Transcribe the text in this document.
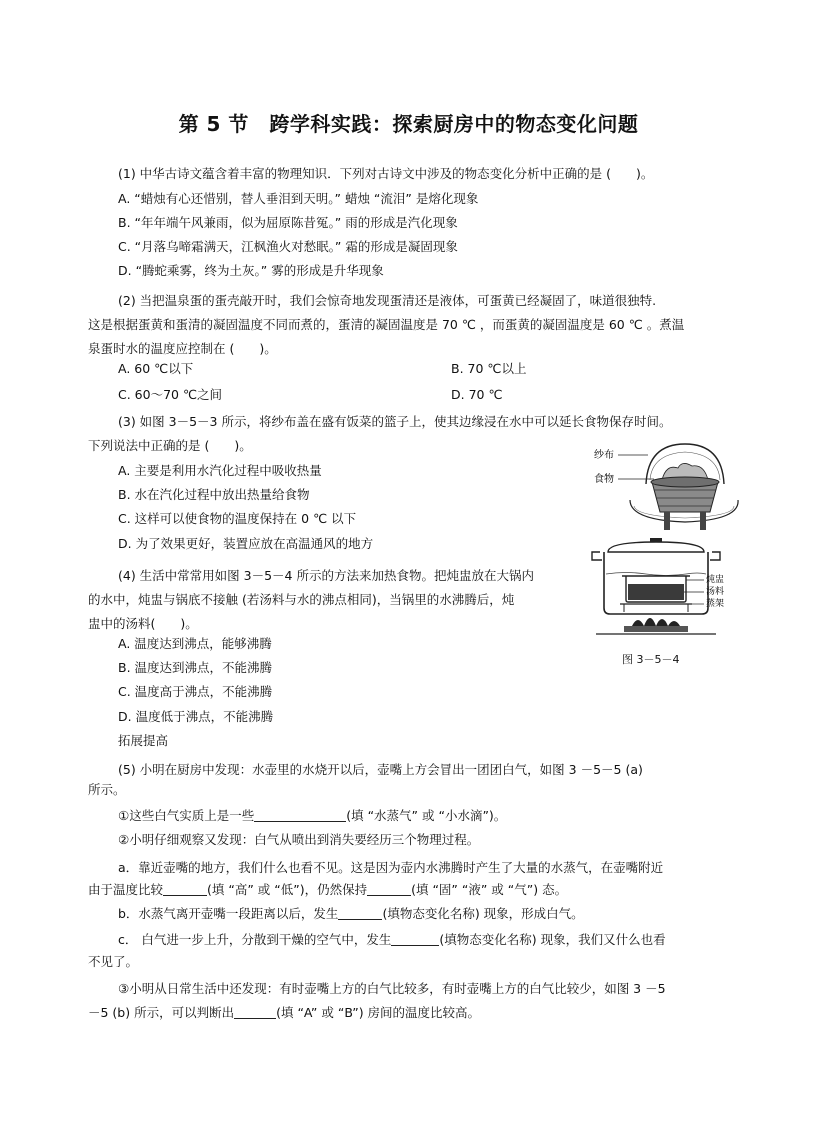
第 5 节　跨学科实践：探索厨房中的物态变化问题
(1) 中华古诗文蕴含着丰富的物理知识．下列对古诗文中涉及的物态变化分析中正确的是 (　　)。
A. “蜡烛有心还惜别，替人垂泪到天明。” 蜡烛 “流泪” 是熔化现象
B. “年年端午风兼雨，似为屈原陈昔冤。” 雨的形成是汽化现象
C. “月落乌啼霜满天，江枫渔火对愁眠。” 霜的形成是凝固现象
D. “腾蛇乘雾，终为土灰。” 雾的形成是升华现象
(2) 当把温泉蛋的蛋壳敲开时，我们会惊奇地发现蛋清还是液体，可蛋黄已经凝固了，味道很独特.
这是根据蛋黄和蛋清的凝固温度不同而煮的，蛋清的凝固温度是 70 ℃ ，而蛋黄的凝固温度是 60 ℃ 。煮温
泉蛋时水的温度应控制在 (　　)。
A. 60 ℃以下	B. 70 ℃以上
C. 60～70 ℃之间	D. 70 ℃
(3) 如图 3－5－3 所示，将纱布盖在盛有饭菜的篮子上，使其边缘浸在水中可以延长食物保存时间。
下列说法中正确的是 (　　)。
A. 主要是利用水汽化过程中吸收热量
B. 水在汽化过程中放出热量给食物
C. 这样可以使食物的温度保持在 0 ℃ 以下
D. 为了效果更好，装置应放在高温通风的地方
纱布
食物
(4) 生活中常常用如图 3－5－4 所示的方法来加热食物。把炖盅放在大锅内
的水中，炖盅与锅底不接触 (若汤料与水的沸点相同)，当锅里的水沸腾后，炖
盅中的汤料(　　)。
A. 温度达到沸点，能够沸腾
B. 温度达到沸点，不能沸腾
C. 温度高于沸点，不能沸腾
D. 温度低于沸点，不能沸腾
炖盅
汤料
蒸架
图 3－5－4
拓展提高
(5) 小明在厨房中发现：水壶里的水烧开以后，壶嘴上方会冒出一团团白气，如图 3 －5－5 (a)
所示。
①这些白气实质上是一些	(填 “水蒸气” 或 “小水滴”)。
②小明仔细观察又发现：白气从喷出到消失要经历三个物理过程。
a．靠近壶嘴的地方，我们什么也看不见。这是因为壶内水沸腾时产生了大量的水蒸气，在壶嘴附近
由于温度比较	(填 “高” 或 “低”)，仍然保持	(填 “固” “液” 或 “气”) 态。
b．水蒸气离开壶嘴一段距离以后，发生	(填物态变化名称) 现象，形成白气。
c． 白气进一步上升，分散到干燥的空气中，发生	(填物态变化名称) 现象，我们又什么也看
不见了。
③小明从日常生活中还发现：有时壶嘴上方的白气比较多，有时壶嘴上方的白气比较少，如图 3 －5
－5 (b) 所示，可以判断出	(填 “A” 或 “B”) 房间的温度比较高。
